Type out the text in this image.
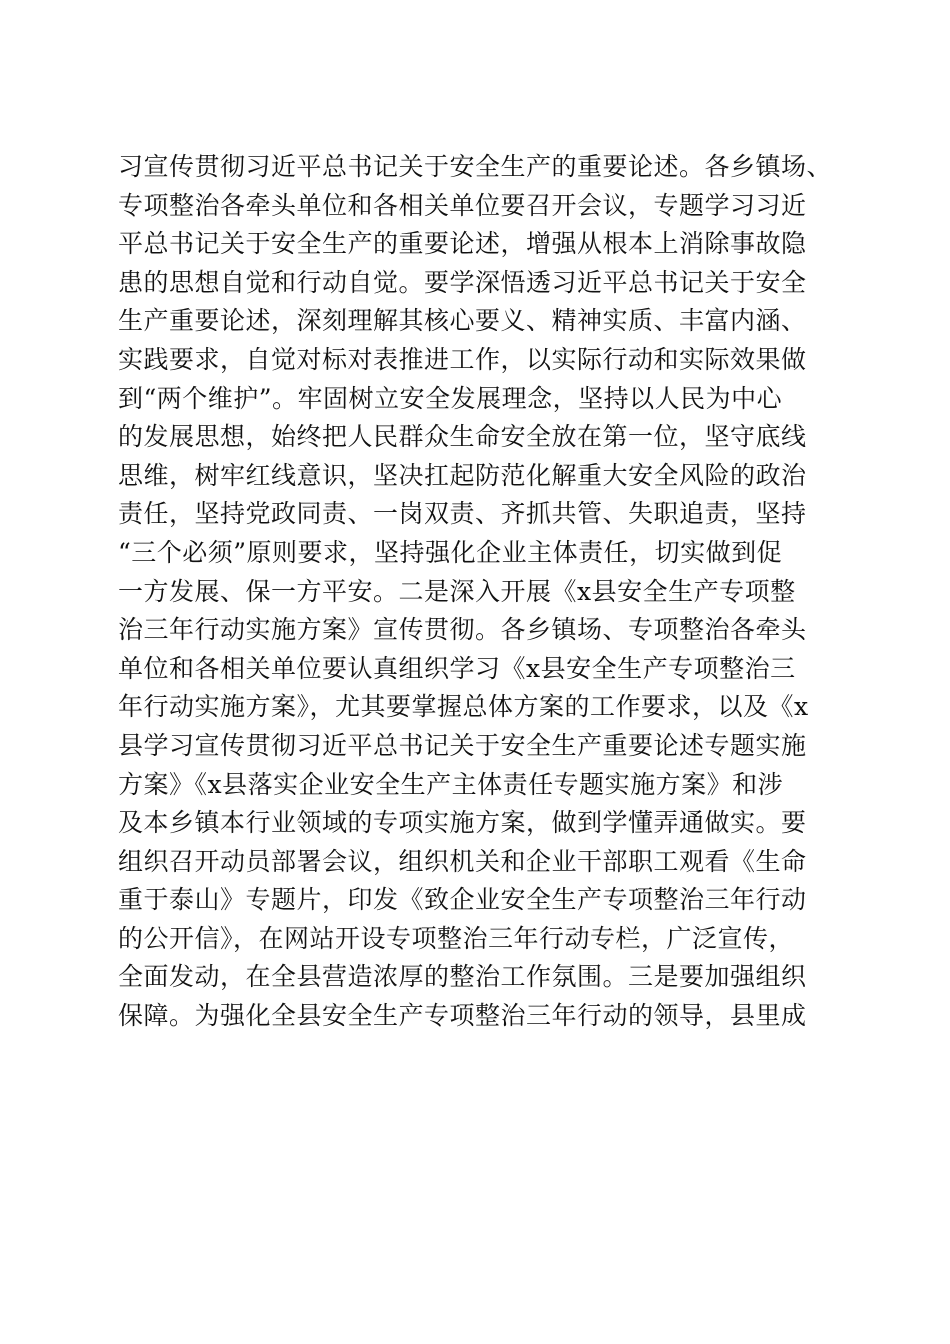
习宣传贯彻习近平总书记关于安全生产的重要论述。各乡镇场、
专项整治各牵头单位和各相关单位要召开会议，专题学习习近
平总书记关于安全生产的重要论述，增强从根本上消除事故隐
患的思想自觉和行动自觉。要学深悟透习近平总书记关于安全
生产重要论述，深刻理解其核心要义、精神实质、丰富内涵、
实践要求，自觉对标对表推进工作，以实际行动和实际效果做
到“两个维护”。牢固树立安全发展理念，坚持以人民为中心
的发展思想，始终把人民群众生命安全放在第一位，坚守底线
思维，树牢红线意识，坚决扛起防范化解重大安全风险的政治
责任，坚持党政同责、一岗双责、齐抓共管、失职追责，坚持
“三个必须”原则要求，坚持强化企业主体责任，切实做到促
一方发展、保一方平安。二是深入开展《x县安全生产专项整
治三年行动实施方案》宣传贯彻。各乡镇场、专项整治各牵头
单位和各相关单位要认真组织学习《x县安全生产专项整治三
年行动实施方案》，尤其要掌握总体方案的工作要求，以及《x
县学习宣传贯彻习近平总书记关于安全生产重要论述专题实施
方案》《x县落实企业安全生产主体责任专题实施方案》和涉
及本乡镇本行业领域的专项实施方案，做到学懂弄通做实。要
组织召开动员部署会议，组织机关和企业干部职工观看《生命
重于泰山》专题片，印发《致企业安全生产专项整治三年行动
的公开信》，在网站开设专项整治三年行动专栏，广泛宣传，
全面发动，在全县营造浓厚的整治工作氛围。三是要加强组织
保障。为强化全县安全生产专项整治三年行动的领导，县里成
